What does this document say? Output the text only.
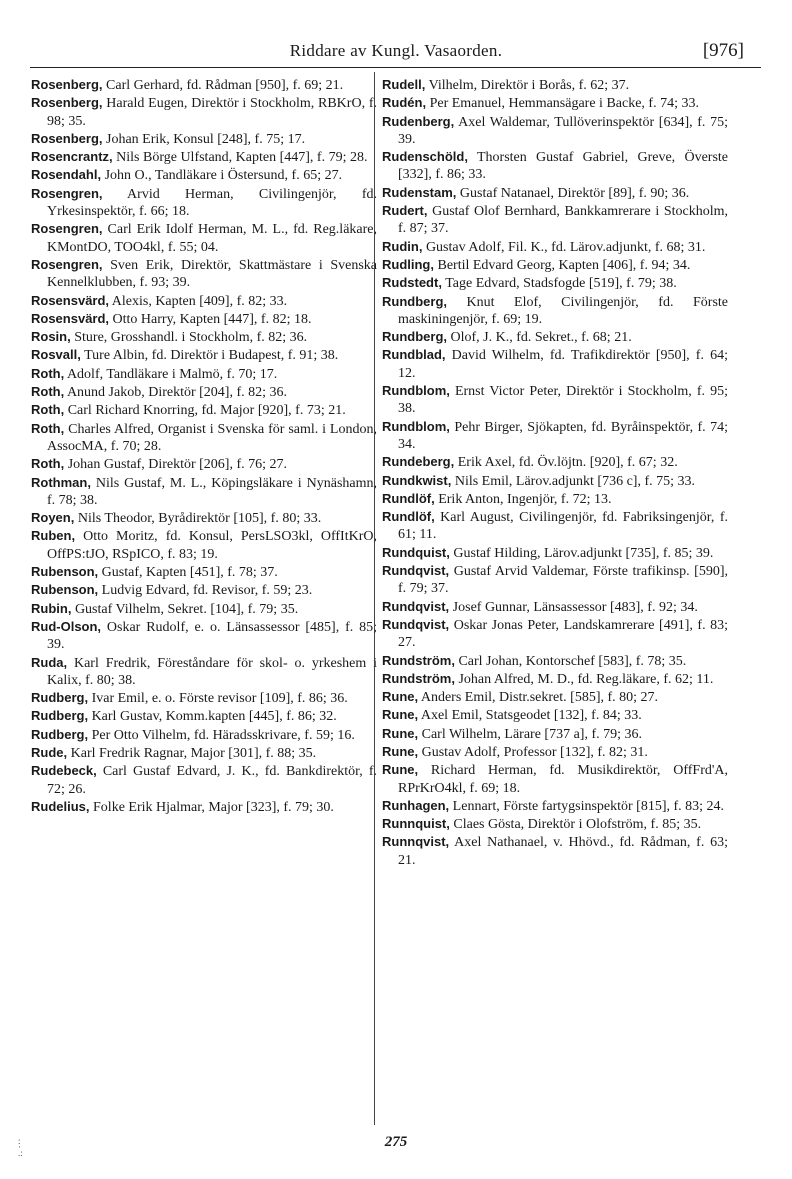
Riddare av Kungl. Vasaorden.	[976]

Rosenberg, Carl Gerhard, fd. Rådman [950], f. 69; 21.

Rosenberg, Harald Eugen, Direktör i Stockholm, RBKrO, f. 98; 35.

Rosenberg, Johan Erik, Konsul [248], f. 75; 17.

Rosencrantz, Nils Börge Ulfstand, Kapten [447], f. 79; 28.

Rosendahl, John O., Tandläkare i Östersund, f. 65; 27.

Rosengren, Arvid Herman, Civilingenjör, fd. Yrkesinspektör, f. 66; 18.

Rosengren, Carl Erik Idolf Herman, M. L., fd. Reg.läkare, KMontDO, TOO4kl, f. 55; 04.

Rosengren, Sven Erik, Direktör, Skattmästare i Svenska Kennelklubben, f. 93; 39.

Rosensvärd, Alexis, Kapten [409], f. 82; 33.

Rosensvärd, Otto Harry, Kapten [447], f. 82; 18.

Rosin, Sture, Grosshandl. i Stockholm, f. 82; 36.

Rosvall, Ture Albin, fd. Direktör i Budapest, f. 91; 38.

Roth, Adolf, Tandläkare i Malmö, f. 70; 17.

Roth, Anund Jakob, Direktör [204], f. 82; 36.

Roth, Carl Richard Knorring, fd. Major [920], f. 73; 21.

Roth, Charles Alfred, Organist i Svenska för saml. i London, AssocMA, f. 70; 28.

Roth, Johan Gustaf, Direktör [206], f. 76; 27.

Rothman, Nils Gustaf, M. L., Köpingsläkare i Nynäshamn, f. 78; 38.

Royen, Nils Theodor, Byrådirektör [105], f. 80; 33.

Ruben, Otto Moritz, fd. Konsul, PersLSO3kl, OffItKrO, OffPS:tJO, RSpICO, f. 83; 19.

Rubenson, Gustaf, Kapten [451], f. 78; 37.

Rubenson, Ludvig Edvard, fd. Revisor, f. 59; 23.

Rubin, Gustaf Vilhelm, Sekret. [104], f. 79; 35.

Rud-Olson, Oskar Rudolf, e. o. Länsassessor [485], f. 85; 39.

Ruda, Karl Fredrik, Föreståndare för skol- o. yrkeshem i Kalix, f. 80; 38.

Rudberg, Ivar Emil, e. o. Förste revisor [109], f. 86; 36.

Rudberg, Karl Gustav, Komm.kapten [445], f. 86; 32.

Rudberg, Per Otto Vilhelm, fd. Häradsskrivare, f. 59; 16.

Rude, Karl Fredrik Ragnar, Major [301], f. 88; 35.

Rudebeck, Carl Gustaf Edvard, J. K., fd. Bankdirektör, f. 72; 26.

Rudelius, Folke Erik Hjalmar, Major [323], f. 79; 30.

Rudell, Vilhelm, Direktör i Borås, f. 62; 37.

Rudén, Per Emanuel, Hemmansägare i Backe, f. 74; 33.

Rudenberg, Axel Waldemar, Tullöverinspektör [634], f. 75; 39.

Rudenschöld, Thorsten Gustaf Gabriel, Greve, Överste [332], f. 86; 33.

Rudenstam, Gustaf Natanael, Direktör [89], f. 90; 36.

Rudert, Gustaf Olof Bernhard, Bankkamrerare i Stockholm, f. 87; 37.

Rudin, Gustav Adolf, Fil. K., fd. Lärov.adjunkt, f. 68; 31.

Rudling, Bertil Edvard Georg, Kapten [406], f. 94; 34.

Rudstedt, Tage Edvard, Stadsfogde [519], f. 79; 38.

Rundberg, Knut Elof, Civilingenjör, fd. Förste maskiningenjör, f. 69; 19.

Rundberg, Olof, J. K., fd. Sekret., f. 68; 21.

Rundblad, David Wilhelm, fd. Trafikdirektör [950], f. 64; 12.

Rundblom, Ernst Victor Peter, Direktör i Stockholm, f. 95; 38.

Rundblom, Pehr Birger, Sjökapten, fd. Byråinspektör, f. 74; 34.

Rundeberg, Erik Axel, fd. Öv.löjtn. [920], f. 67; 32.

Rundkwist, Nils Emil, Lärov.adjunkt [736 c], f. 75; 33.

Rundlöf, Erik Anton, Ingenjör, f. 72; 13.

Rundlöf, Karl August, Civilingenjör, fd. Fabriksingenjör, f. 61; 11.

Rundquist, Gustaf Hilding, Lärov.adjunkt [735], f. 85; 39.

Rundqvist, Gustaf Arvid Valdemar, Förste trafikinsp. [590], f. 79; 37.

Rundqvist, Josef Gunnar, Länsassessor [483], f. 92; 34.

Rundqvist, Oskar Jonas Peter, Landskamrerare [491], f. 83; 27.

Rundström, Carl Johan, Kontorschef [583], f. 78; 35.

Rundström, Johan Alfred, M. D., fd. Reg.läkare, f. 62; 11.

Rune, Anders Emil, Distr.sekret. [585], f. 80; 27.

Rune, Axel Emil, Statsgeodet [132], f. 84; 33.

Rune, Carl Wilhelm, Lärare [737 a], f. 79; 36.

Rune, Gustav Adolf, Professor [132], f. 82; 31.

Rune, Richard Herman, fd. Musikdirektör, OffFrd'A, RPrKrO4kl, f. 69; 18.

Runhagen, Lennart, Förste fartygsinspektör [815], f. 83; 24.

Runnquist, Claes Gösta, Direktör i Olofström, f. 85; 35.

Runnqvist, Axel Nathanael, v. Hhövd., fd. Rådman, f. 63; 21.

275
:
·
.:
